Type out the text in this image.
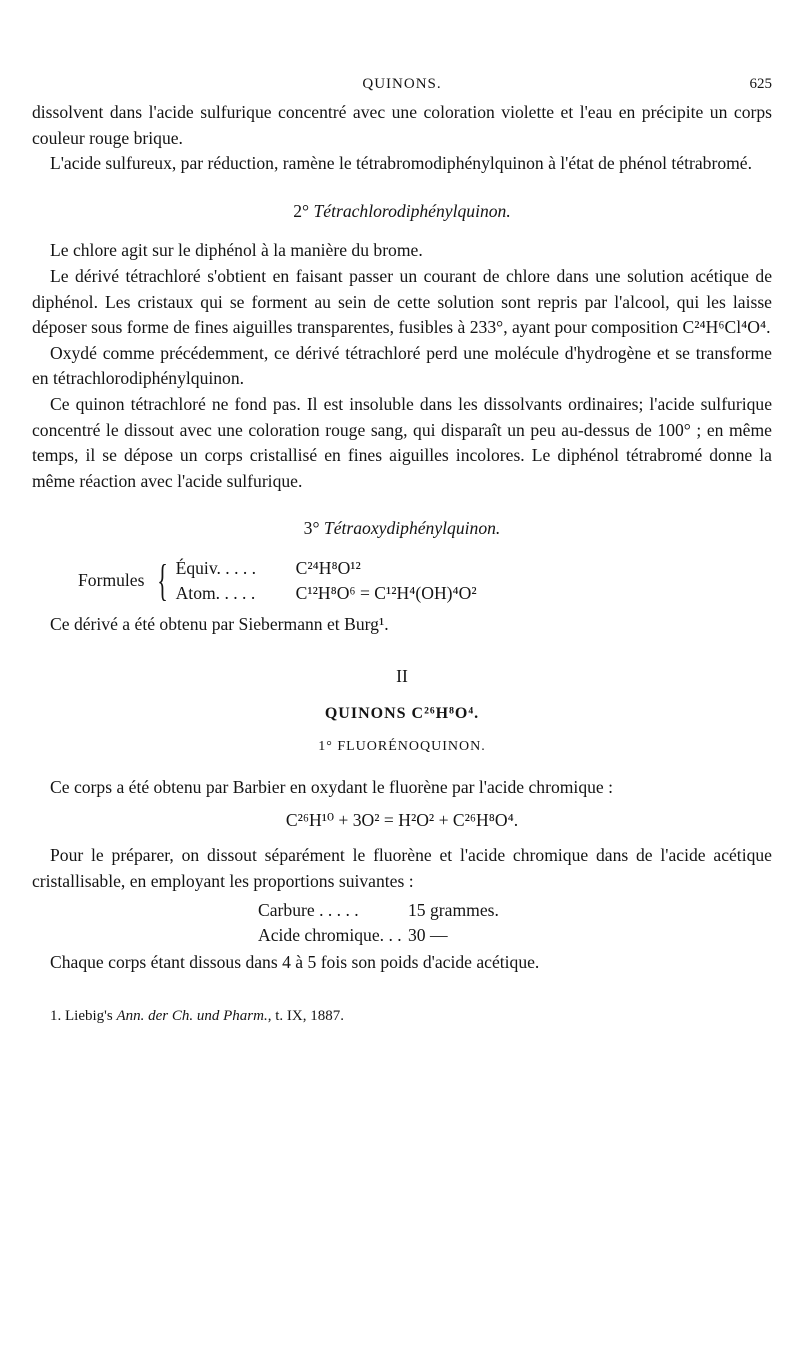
QUINONS.	625

dissolvent dans l'acide sulfurique concentré avec une coloration violette et l'eau en précipite un corps couleur rouge brique.

L'acide sulfureux, par réduction, ramène le tétrabromodiphénylquinon à l'état de phénol tétrabromé.

2° Tétrachlorodiphénylquinon.

Le chlore agit sur le diphénol à la manière du brome.

Le dérivé tétrachloré s'obtient en faisant passer un courant de chlore dans une solution acétique de diphénol. Les cristaux qui se forment au sein de cette solution sont repris par l'alcool, qui les laisse déposer sous forme de fines aiguilles transparentes, fusibles à 233°, ayant pour composition C²⁴H⁶Cl⁴O⁴.

Oxydé comme précédemment, ce dérivé tétrachloré perd une molécule d'hydrogène et se transforme en tétrachlorodiphénylquinon.

Ce quinon tétrachloré ne fond pas. Il est insoluble dans les dissolvants ordinaires; l'acide sulfurique concentré le dissout avec une coloration rouge sang, qui disparaît un peu au-dessus de 100° ; en même temps, il se dépose un corps cristallisé en fines aiguilles incolores. Le diphénol tétrabromé donne la même réaction avec l'acide sulfurique.

3° Tétraoxydiphénylquinon.
Formules { Équiv. . . . .	C²⁴H⁸O¹²
Atom. . . . .	C¹²H⁸O⁶ = C¹²H⁴(OH)⁴O²

Ce dérivé a été obtenu par Siebermann et Burg¹.

II
QUINONS C²⁶H⁸O⁴.
1° FLUORÉNOQUINON.

Ce corps a été obtenu par Barbier en oxydant le fluorène par l'acide chromique :

C²⁶H¹⁰ + 3O² = H²O² + C²⁶H⁸O⁴.

Pour le préparer, on dissout séparément le fluorène et l'acide chromique dans de l'acide acétique cristallisable, en employant les proportions suivantes :

Carbure . . . . .	15 grammes.
Acide chromique. . . 30 —

Chaque corps étant dissous dans 4 à 5 fois son poids d'acide acétique.

1. Liebig's Ann. der Ch. und Pharm., t. IX, 1887.
